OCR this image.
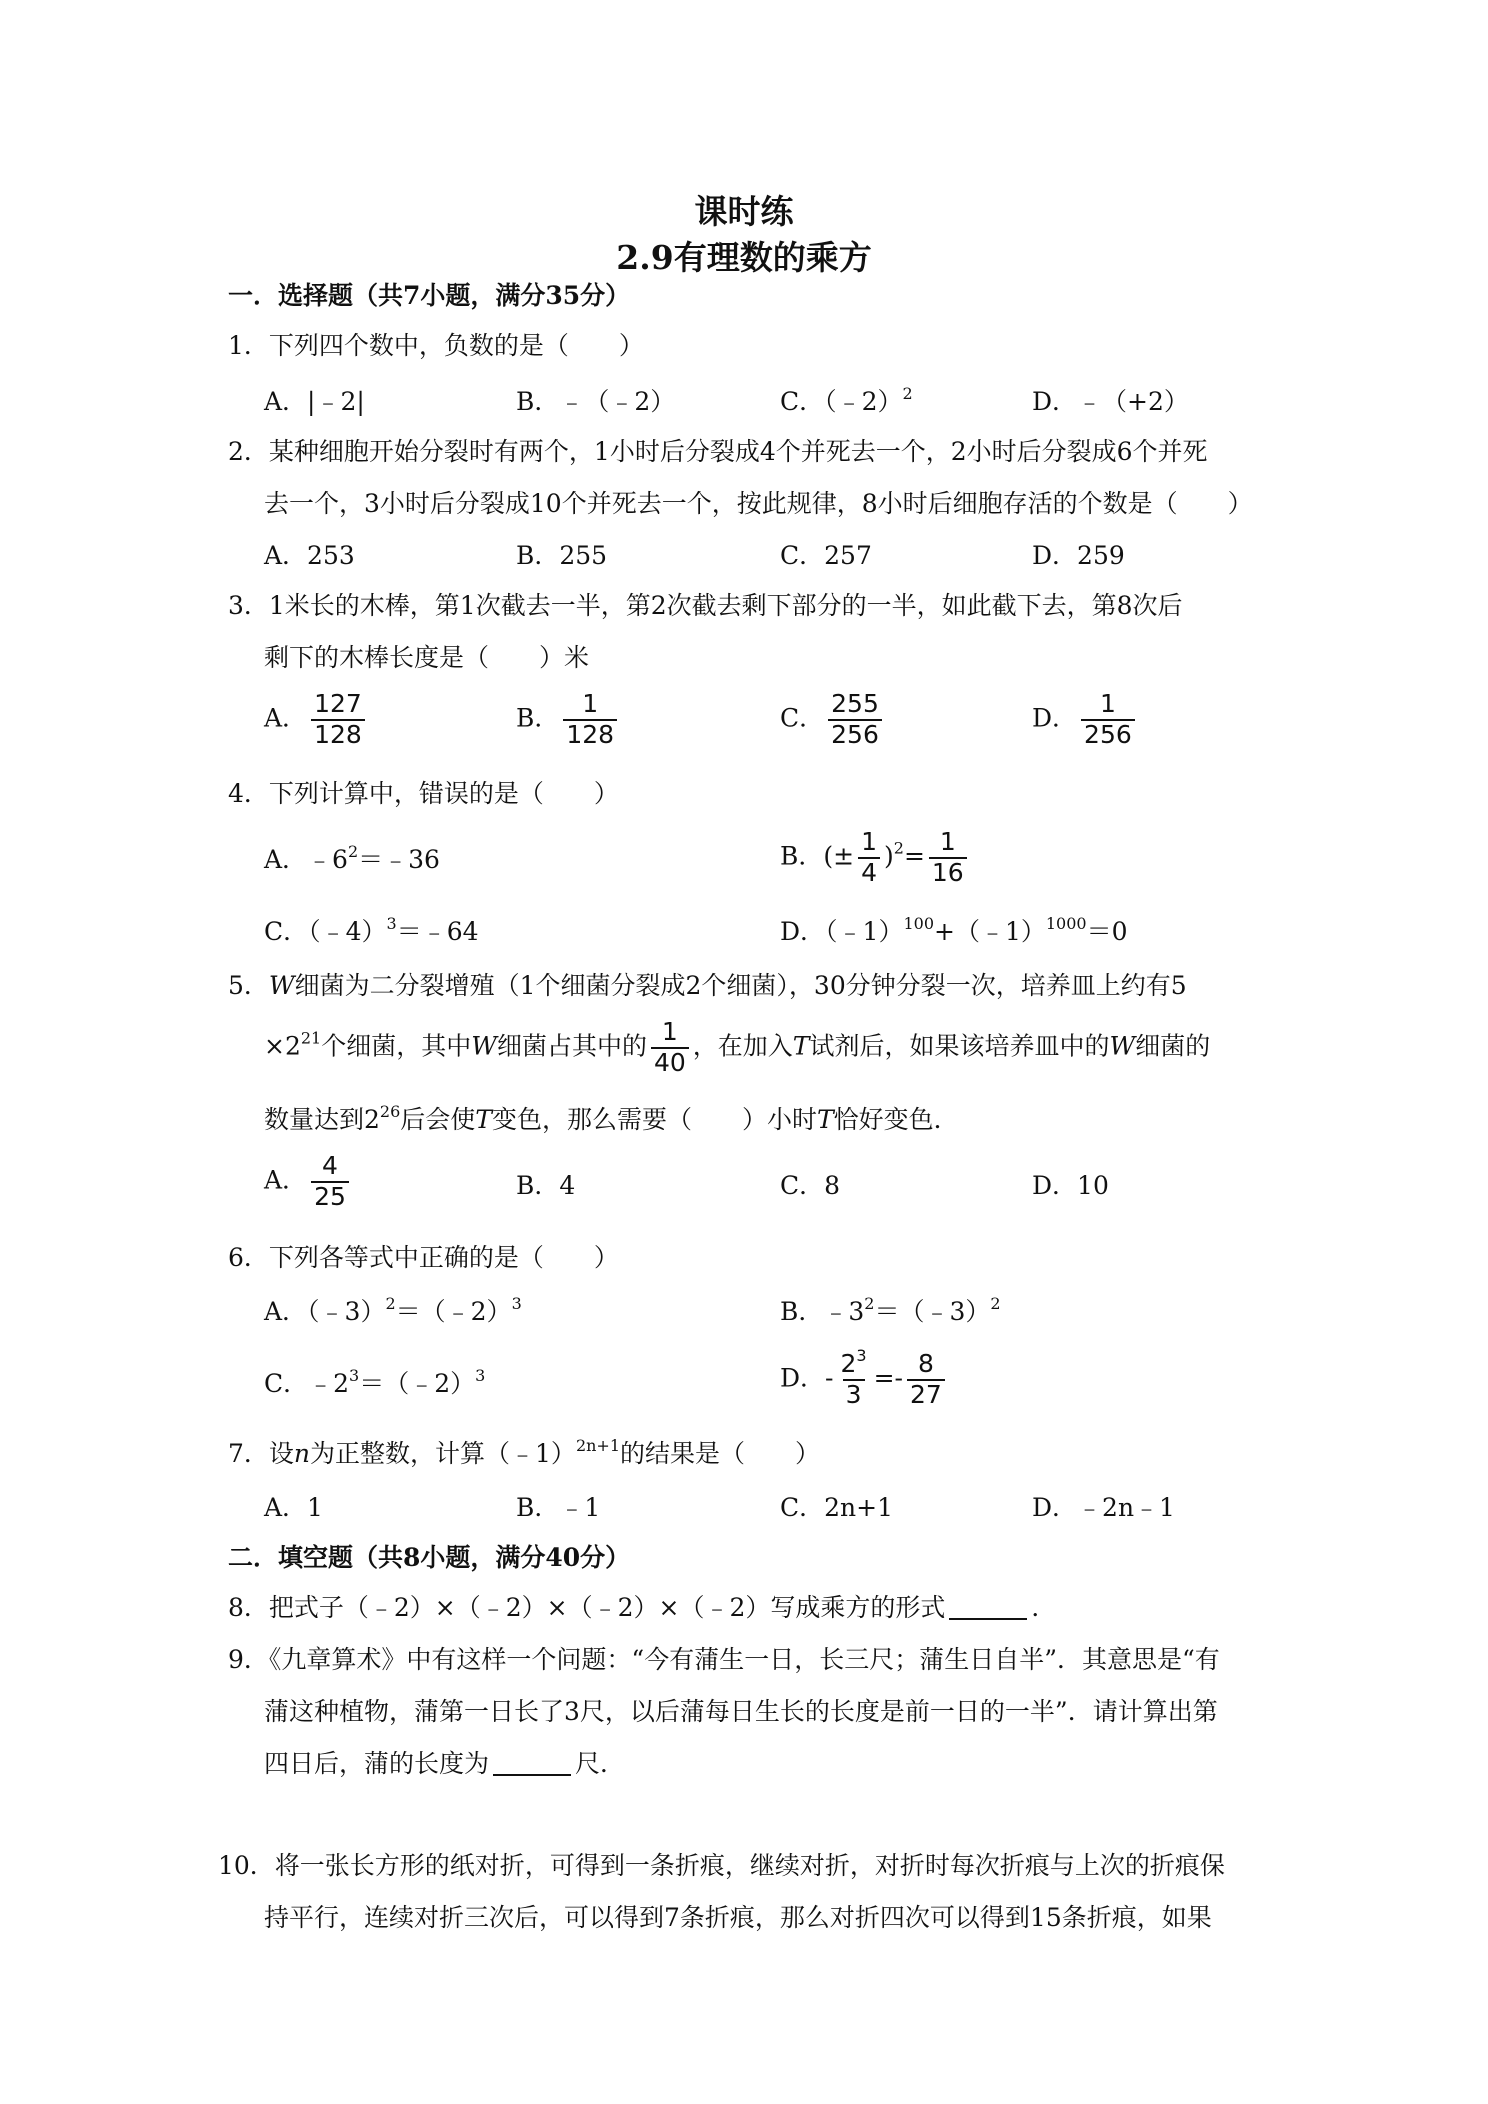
课时练
2.9有理数的乘方
一．选择题（共7小题，满分35分）
1．下列四个数中，负数的是（　　）
A．|﹣2|	B．﹣（﹣2）	C．（﹣2）$^2$	D．﹣（+2）
2．某种细胞开始分裂时有两个，1小时后分裂成4个并死去一个，2小时后分裂成6个并死
去一个，3小时后分裂成10个并死去一个，按此规律，8小时后细胞存活的个数是（　　）
A．253	B．255	C．257	D．259
3．1米长的木棒，第1次截去一半，第2次截去剩下部分的一半，如此截下去，第8次后
剩下的木棒长度是（　　）米
A． $\frac{127}{128}$	B． $\frac{1}{128}$	C． $\frac{255}{256}$	D． $\frac{1}{256}$
4．下列计算中，错误的是（　　）
A．$﹣6^2=﹣36$	B．(± $\frac{1}{4} )^2= \frac{1}{16}$
C．（﹣4）$^3$＝﹣64	D．（﹣1）$^{100}$+（﹣1）$^{1000}$＝0
5．W细菌为二分裂增殖（1个细菌分裂成2个细菌），30分钟分裂一次，培养皿上约有5
$\times 2^{21}$个细菌，其中W细菌占其中的 $\frac{1}{40}$ ，在加入T试剂后，如果该培养皿中的W细菌的
数量达到$2^{26}$后会使T变色，那么需要（　　）小时T恰好变色．
A． $\frac{4}{25}$	B．4	C．8	D．10
6．下列各等式中正确的是（　　）
A．（﹣3）$^2$＝（﹣2）$^3$	B．$﹣3^2=(﹣3)^2$
C．$﹣2^3=(﹣2)^3$	D．- $\frac{2^3}{3} =- \frac{8}{27}$
7．设n为正整数，计算（﹣1）$^{2n+1}$的结果是（　　）
A．1	B．﹣1	C．2n+1	D．﹣2n﹣1
二．填空题（共8小题，满分40分）
8．把式子（﹣2）×（﹣2）×（﹣2）×（﹣2）写成乘方的形式	．
9．《九章算术》中有这样一个问题：“今有蒲生一日，长三尺；蒲生日自半”．其意思是“有
蒲这种植物，蒲第一日长了3尺，以后蒲每日生长的长度是前一日的一半”．请计算出第
四日后，蒲的长度为	尺．
10．将一张长方形的纸对折，可得到一条折痕，继续对折，对折时每次折痕与上次的折痕保
持平行，连续对折三次后，可以得到7条折痕，那么对折四次可以得到15条折痕，如果
